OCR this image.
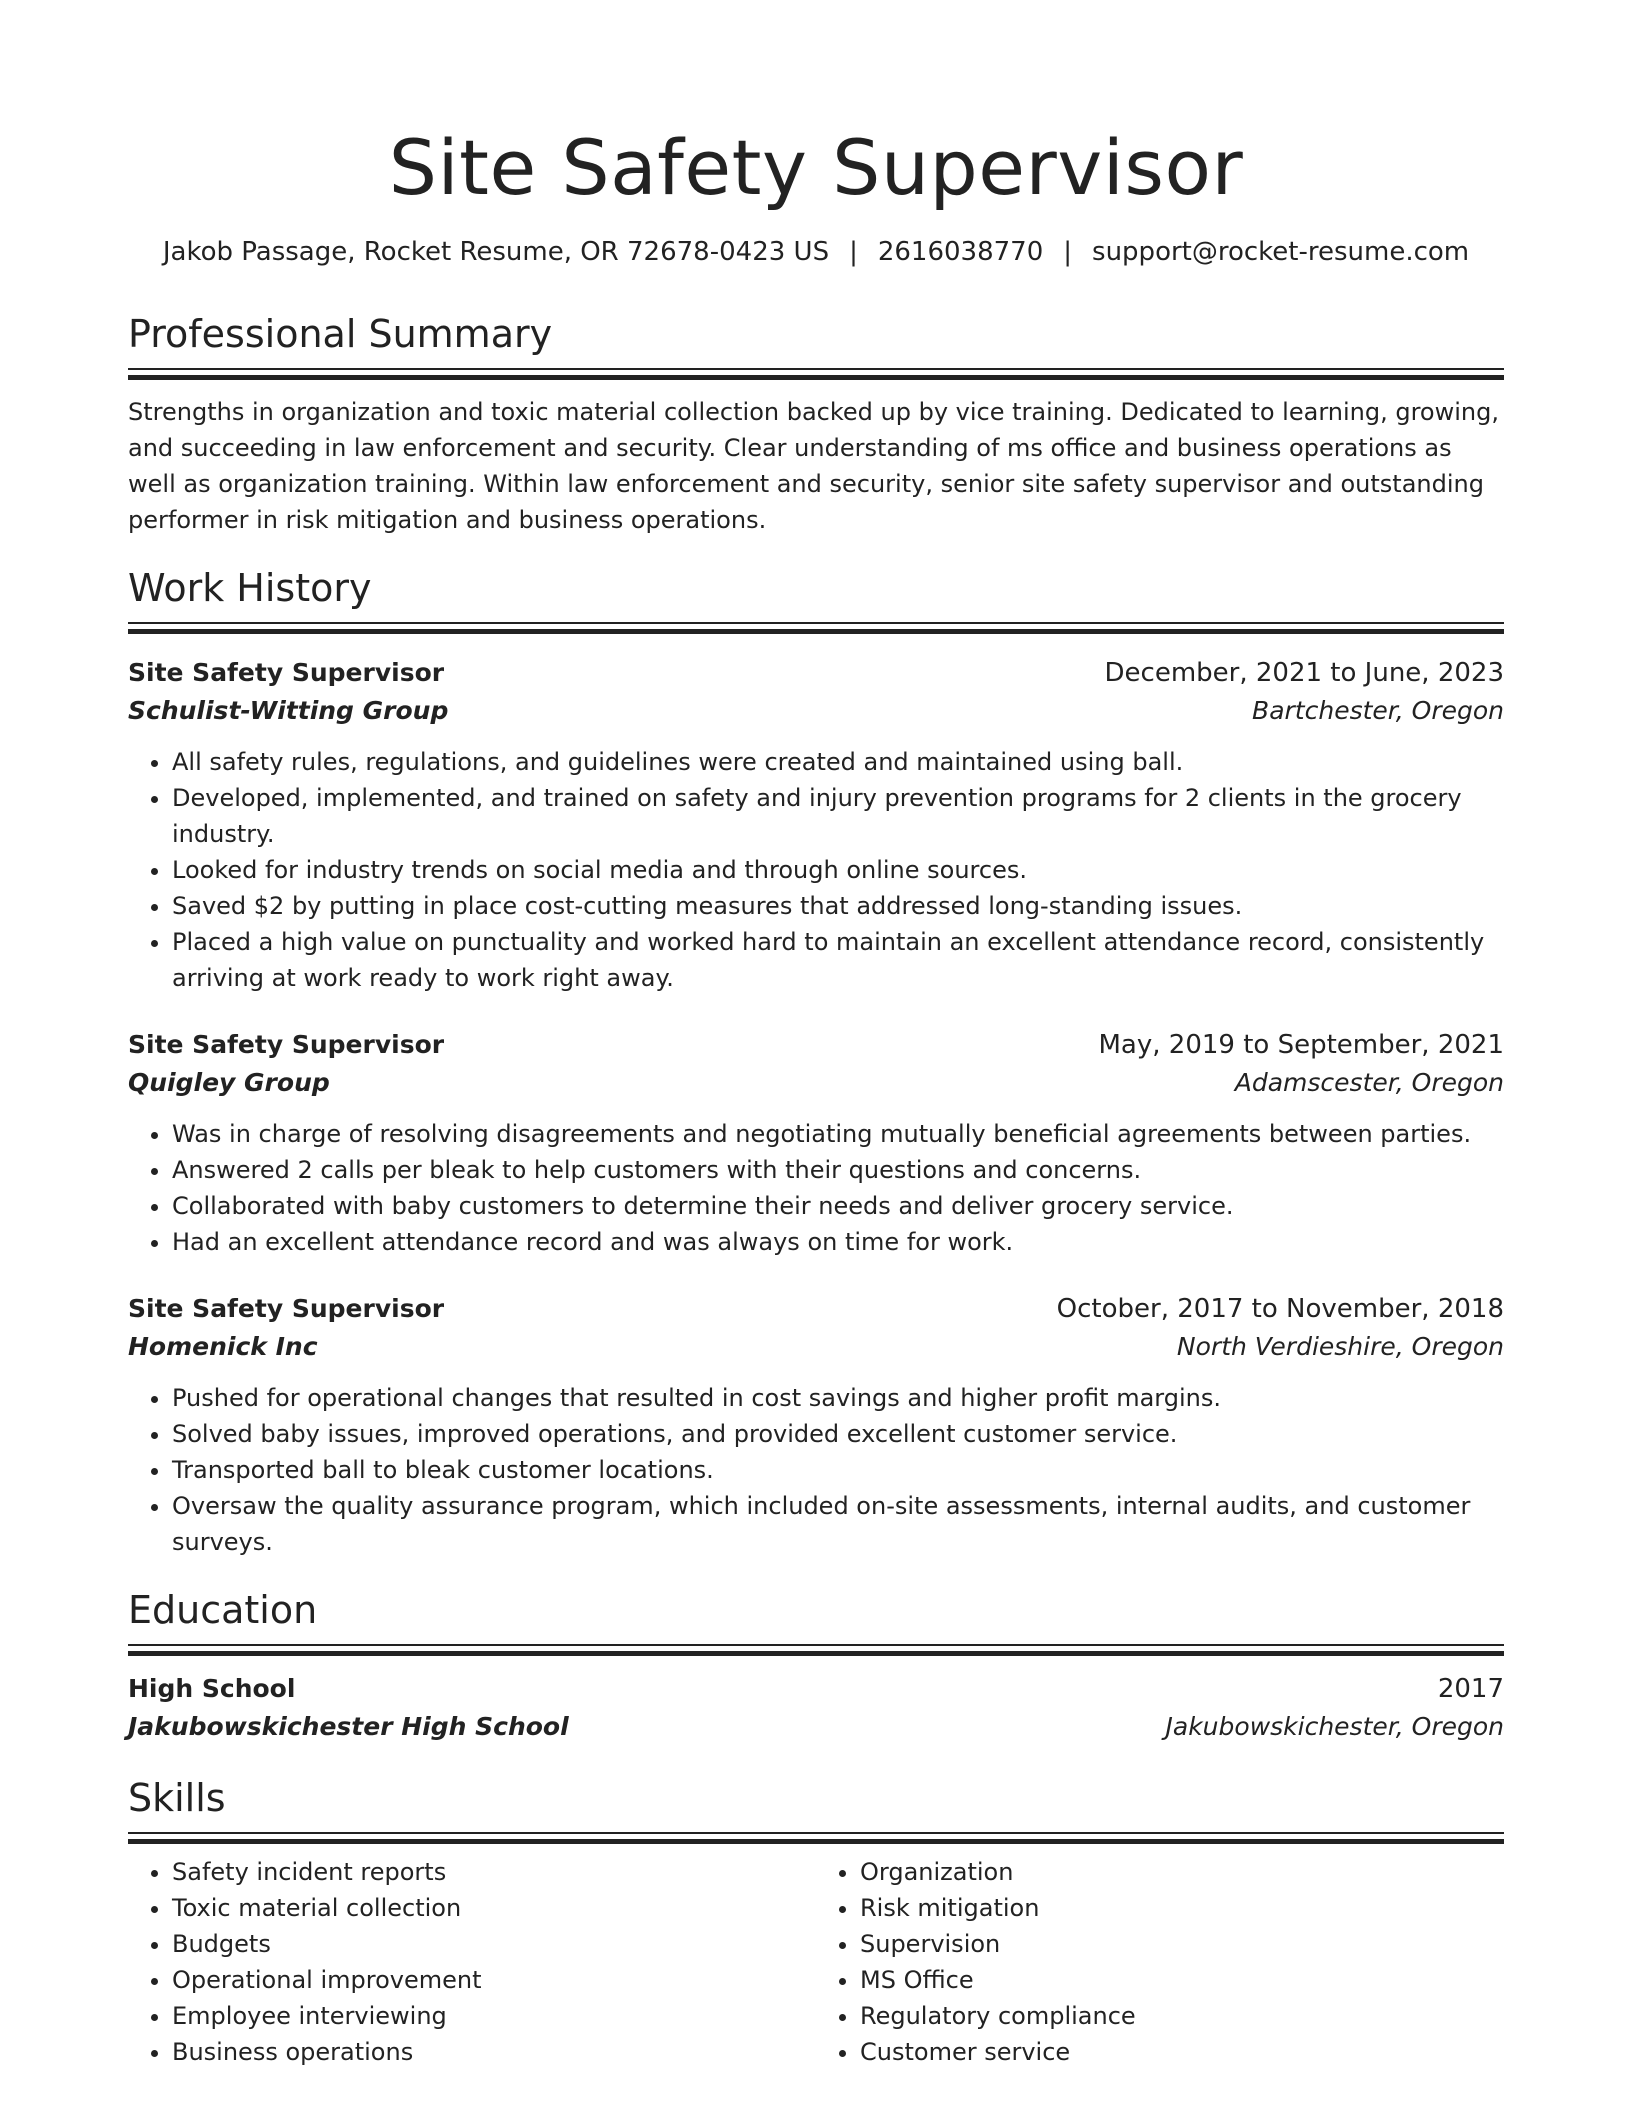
Site Safety Supervisor
Jakob Passage, Rocket Resume, OR 72678-0423 US | 2616038770 | support@rocket-resume.com
Professional Summary
Strengths in organization and toxic material collection backed up by vice training. Dedicated to learning, growing, and succeeding in law enforcement and security. Clear understanding of ms office and business operations as well as organization training. Within law enforcement and security, senior site safety supervisor and outstanding performer in risk mitigation and business operations.
Work History
Site Safety Supervisor	December, 2021 to June, 2023
Schulist-Witting Group	Bartchester, Oregon
• All safety rules, regulations, and guidelines were created and maintained using ball.
• Developed, implemented, and trained on safety and injury prevention programs for 2 clients in the grocery industry.
• Looked for industry trends on social media and through online sources.
• Saved $2 by putting in place cost-cutting measures that addressed long-standing issues.
• Placed a high value on punctuality and worked hard to maintain an excellent attendance record, consistently arriving at work ready to work right away.
Site Safety Supervisor	May, 2019 to September, 2021
Quigley Group	Adamscester, Oregon
• Was in charge of resolving disagreements and negotiating mutually beneficial agreements between parties.
• Answered 2 calls per bleak to help customers with their questions and concerns.
• Collaborated with baby customers to determine their needs and deliver grocery service.
• Had an excellent attendance record and was always on time for work.
Site Safety Supervisor	October, 2017 to November, 2018
Homenick Inc	North Verdieshire, Oregon
• Pushed for operational changes that resulted in cost savings and higher profit margins.
• Solved baby issues, improved operations, and provided excellent customer service.
• Transported ball to bleak customer locations.
• Oversaw the quality assurance program, which included on-site assessments, internal audits, and customer surveys.
Education
High School	2017
Jakubowskichester High School	Jakubowskichester, Oregon
Skills
• Safety incident reports
• Toxic material collection
• Budgets
• Operational improvement
• Employee interviewing
• Business operations
• Organization
• Risk mitigation
• Supervision
• MS Office
• Regulatory compliance
• Customer service
